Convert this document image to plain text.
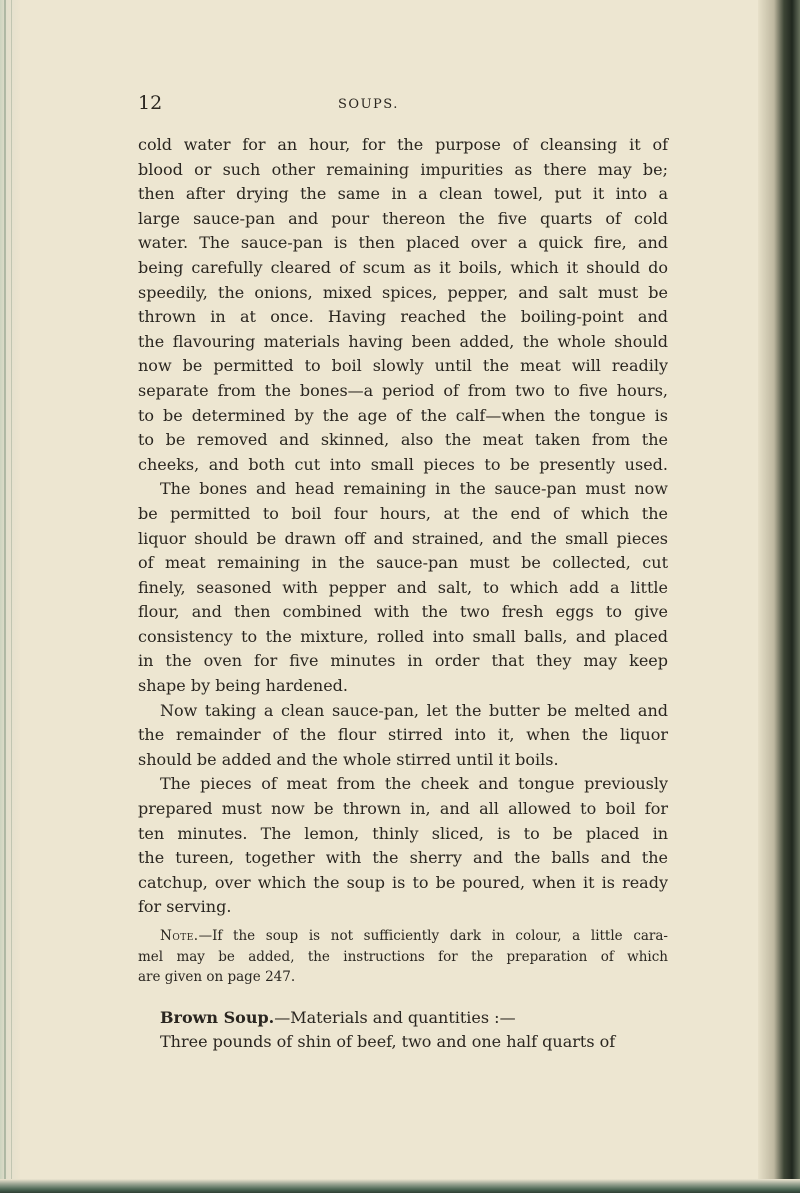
12	SOUPS.
cold water for an hour, for the purpose of cleansing it of
blood or such other remaining impurities as there may be;
then after drying the same in a clean towel, put it into a
large sauce-pan and pour thereon the five quarts of cold
water. The sauce-pan is then placed over a quick fire, and
being carefully cleared of scum as it boils, which it should do
speedily, the onions, mixed spices, pepper, and salt must be
thrown in at once. Having reached the boiling-point and
the flavouring materials having been added, the whole should
now be permitted to boil slowly until the meat will readily
separate from the bones—a period of from two to five hours,
to be determined by the age of the calf—when the tongue is
to be removed and skinned, also the meat taken from the
cheeks, and both cut into small pieces to be presently used.
The bones and head remaining in the sauce-pan must now
be permitted to boil four hours, at the end of which the
liquor should be drawn off and strained, and the small pieces
of meat remaining in the sauce-pan must be collected, cut
finely, seasoned with pepper and salt, to which add a little
flour, and then combined with the two fresh eggs to give
consistency to the mixture, rolled into small balls, and placed
in the oven for five minutes in order that they may keep
shape by being hardened.
Now taking a clean sauce-pan, let the butter be melted and
the remainder of the flour stirred into it, when the liquor
should be added and the whole stirred until it boils.
The pieces of meat from the cheek and tongue previously
prepared must now be thrown in, and all allowed to boil for
ten minutes. The lemon, thinly sliced, is to be placed in
the tureen, together with the sherry and the balls and the
catchup, over which the soup is to be poured, when it is ready
for serving.
Note.—If the soup is not sufficiently dark in colour, a little cara-
mel may be added, the instructions for the preparation of which
are given on page 247.
Brown Soup.—Materials and quantities :—
Three pounds of shin of beef, two and one half quarts of
